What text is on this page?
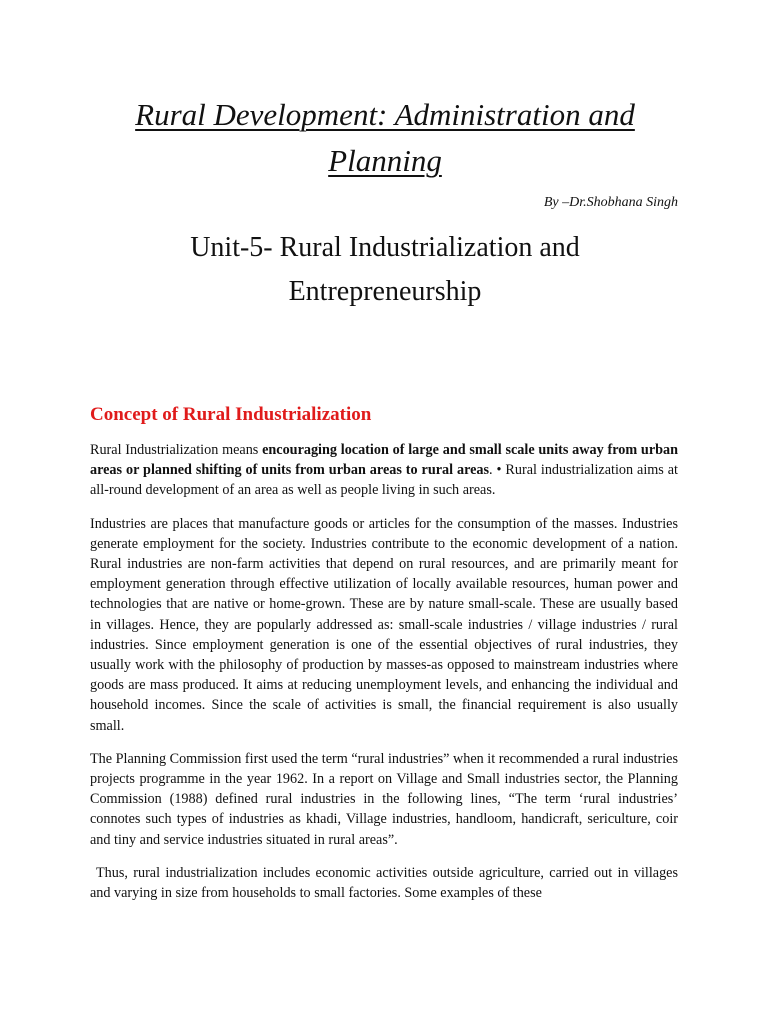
Rural Development: Administration and
Planning

By –Dr.Shobhana Singh

Unit-5- Rural Industrialization and
Entrepreneurship
Concept of Rural Industrialization

Rural Industrialization means encouraging location of large and small scale units away from urban areas or planned shifting of units from urban areas to rural areas. • Rural industrialization aims at all-round development of an area as well as people living in such areas.

Industries are places that manufacture goods or articles for the consumption of the masses. Industries generate employment for the society. Industries contribute to the economic development of a nation. Rural industries are non-farm activities that depend on rural resources, and are primarily meant for employment generation through effective utilization of locally available resources, human power and technologies that are native or home-grown. These are by nature small-scale. These are usually based in villages. Hence, they are popularly addressed as: small-scale industries / village industries / rural industries. Since employment generation is one of the essential objectives of rural industries, they usually work with the philosophy of production by masses-as opposed to mainstream industries where goods are mass produced. It aims at reducing unemployment levels, and enhancing the individual and household incomes. Since the scale of activities is small, the financial requirement is also usually small.

The Planning Commission first used the term “rural industries” when it recommended a rural industries projects programme in the year 1962. In a report on Village and Small industries sector, the Planning Commission (1988) defined rural industries in the following lines, “The term ‘rural industries’ connotes such types of industries as khadi, Village industries, handloom, handicraft, sericulture, coir and tiny and service industries situated in rural areas”.

Thus, rural industrialization includes economic activities outside agriculture, carried out in villages and varying in size from households to small factories. Some examples of these
